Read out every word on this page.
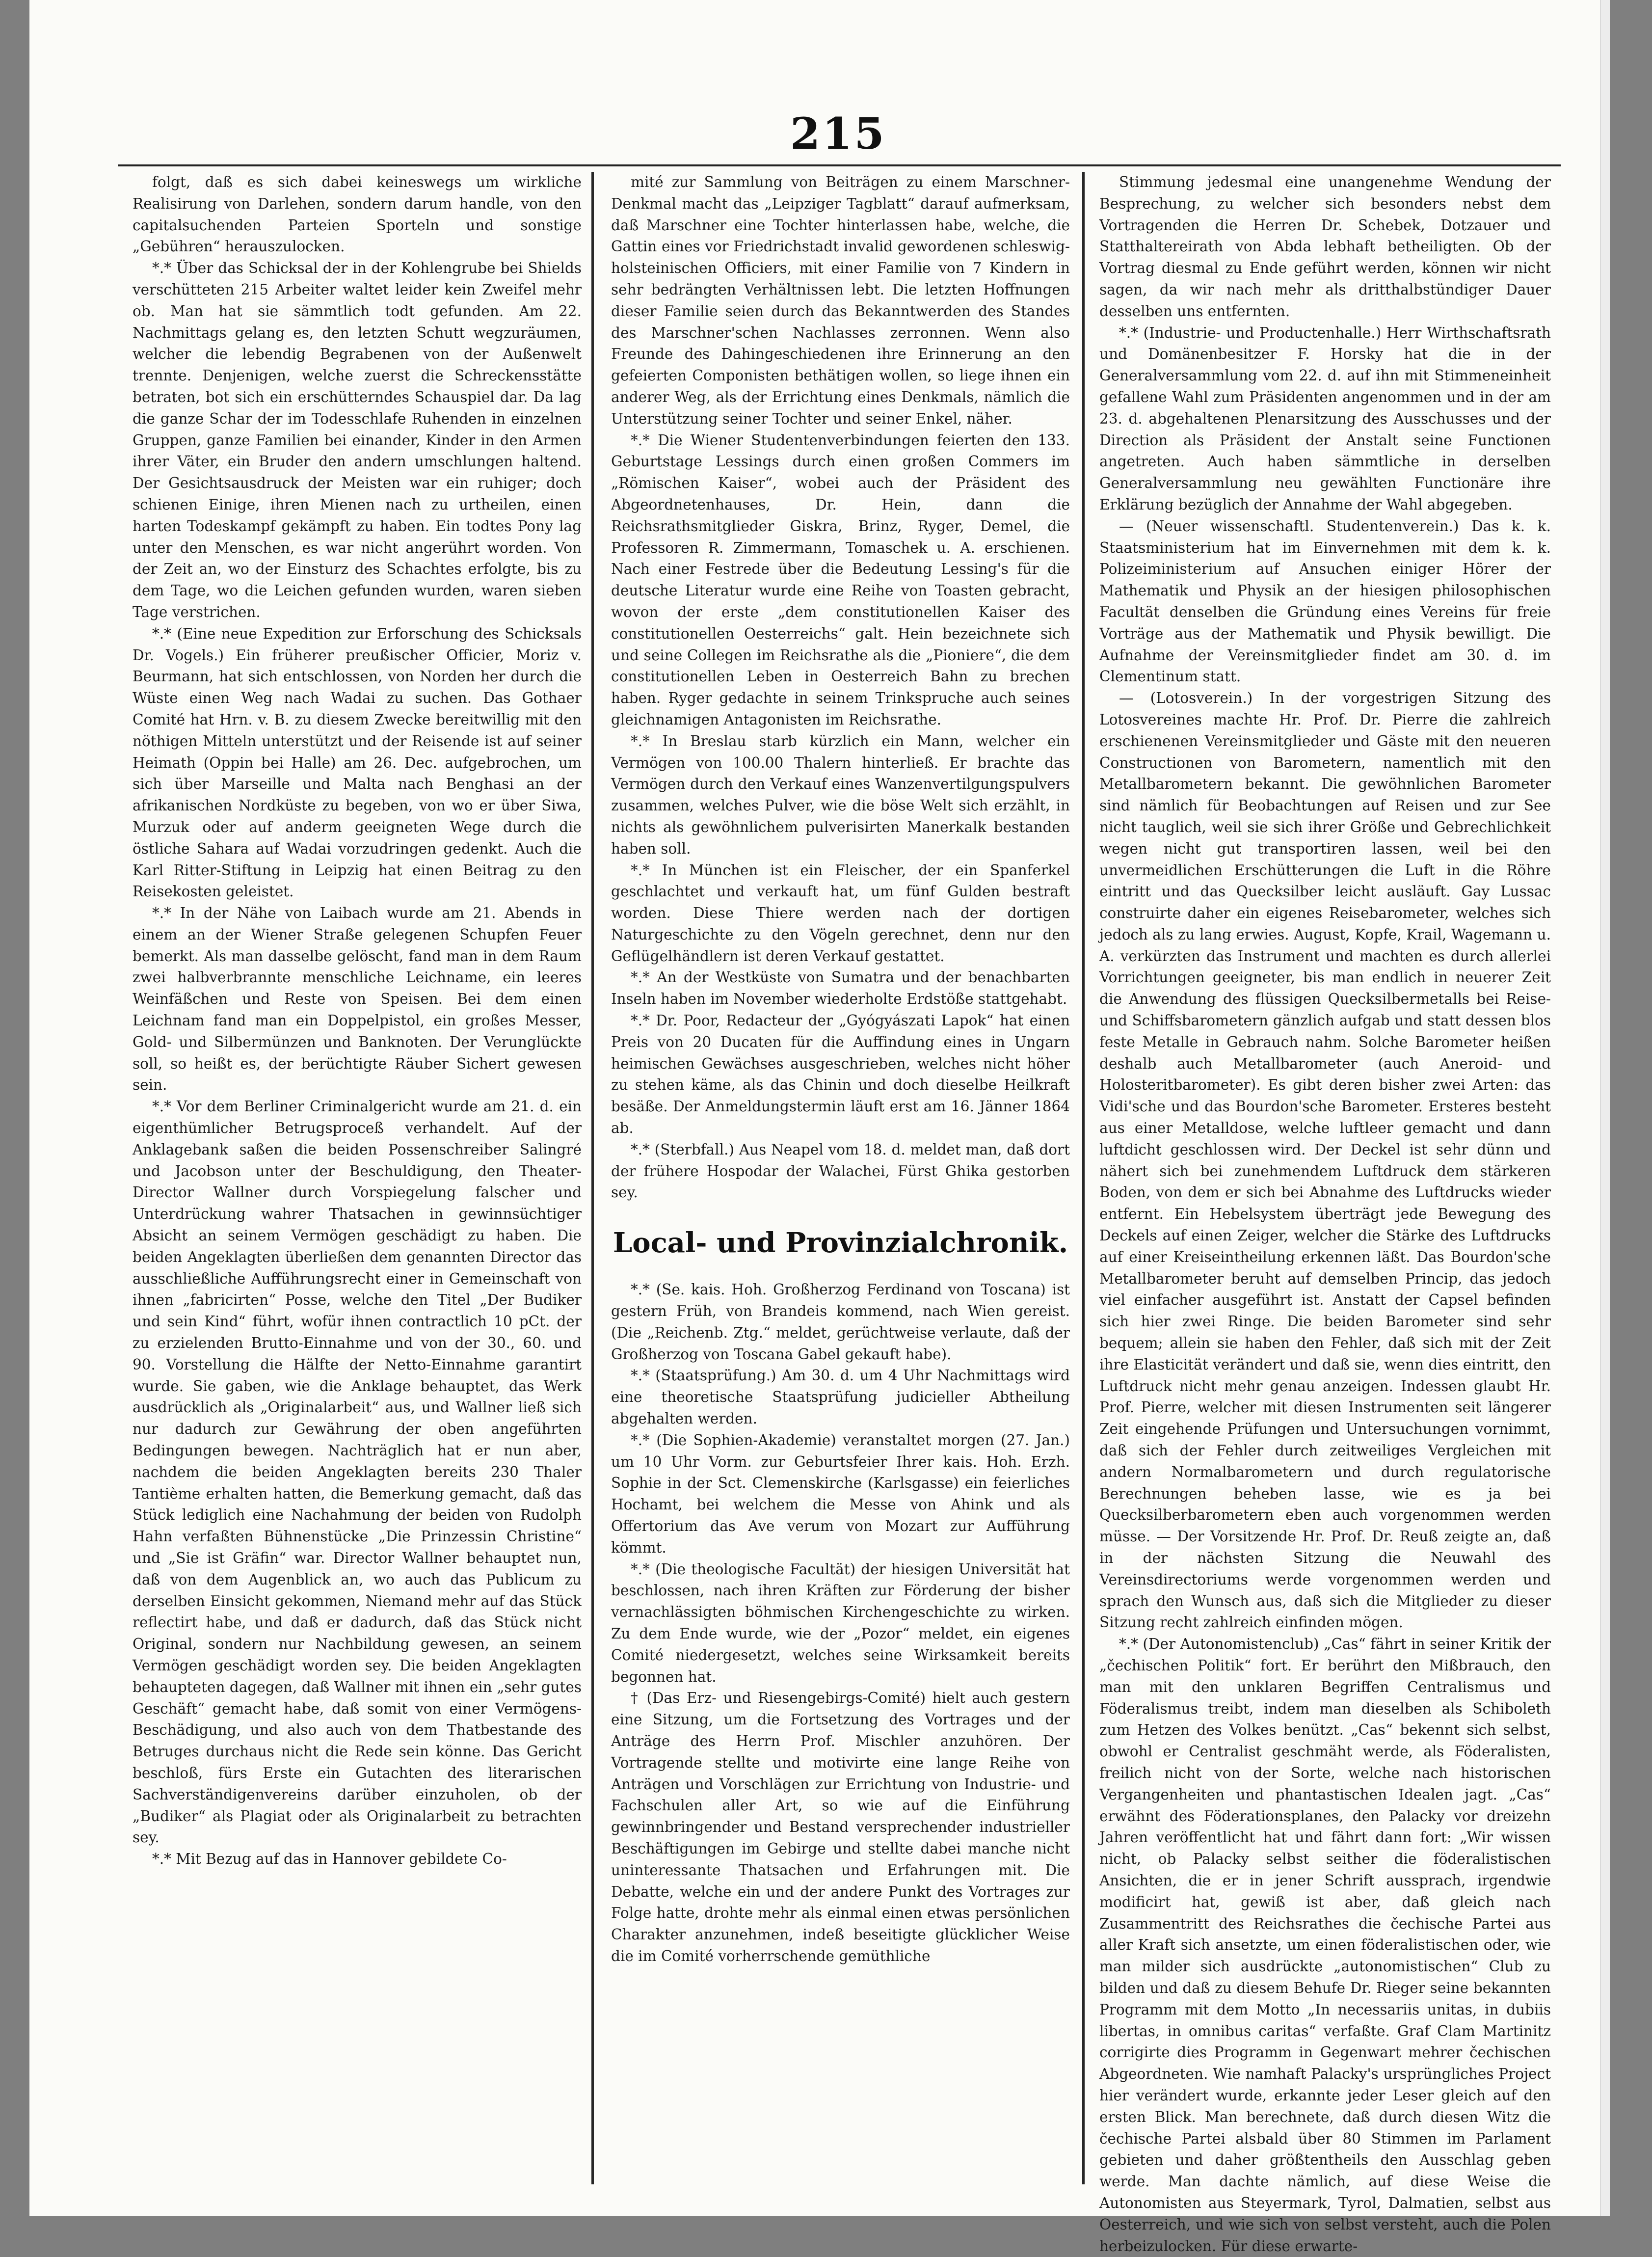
215

folgt, daß es sich dabei keineswegs um wirkliche Realisirung von Darlehen, sondern darum handle, von den capitalsuchenden Parteien Sporteln und sonstige „Gebühren“ herauszulocken.

*.* Über das Schicksal der in der Kohlengrube bei Shields verschütteten 215 Arbeiter waltet leider kein Zweifel mehr ob. Man hat sie sämmtlich todt gefunden. Am 22. Nachmittags gelang es, den letzten Schutt wegzuräumen, welcher die lebendig Begrabenen von der Außenwelt trennte. Denjenigen, welche zuerst die Schreckensstätte betraten, bot sich ein erschütterndes Schauspiel dar. Da lag die ganze Schar der im Todesschlafe Ruhenden in einzelnen Gruppen, ganze Familien bei einander, Kinder in den Armen ihrer Väter, ein Bruder den andern umschlungen haltend. Der Gesichtsausdruck der Meisten war ein ruhiger; doch schienen Einige, ihren Mienen nach zu urtheilen, einen harten Todeskampf gekämpft zu haben. Ein todtes Pony lag unter den Menschen, es war nicht angerührt worden. Von der Zeit an, wo der Einsturz des Schachtes erfolgte, bis zu dem Tage, wo die Leichen gefunden wurden, waren sieben Tage verstrichen.

*.* (Eine neue Expedition zur Erforschung des Schicksals Dr. Vogels.) Ein früherer preußischer Officier, Moriz v. Beurmann, hat sich entschlossen, von Norden her durch die Wüste einen Weg nach Wadai zu suchen. Das Gothaer Comité hat Hrn. v. B. zu diesem Zwecke bereitwillig mit den nöthigen Mitteln unterstützt und der Reisende ist auf seiner Heimath (Oppin bei Halle) am 26. Dec. aufgebrochen, um sich über Marseille und Malta nach Benghasi an der afrikanischen Nordküste zu begeben, von wo er über Siwa, Murzuk oder auf anderm geeigneten Wege durch die östliche Sahara auf Wadai vorzudringen gedenkt. Auch die Karl Ritter-Stiftung in Leipzig hat einen Beitrag zu den Reisekosten geleistet.

*.* In der Nähe von Laibach wurde am 21. Abends in einem an der Wiener Straße gelegenen Schupfen Feuer bemerkt. Als man dasselbe gelöscht, fand man in dem Raum zwei halbverbrannte menschliche Leichname, ein leeres Weinfäßchen und Reste von Speisen. Bei dem einen Leichnam fand man ein Doppelpistol, ein großes Messer, Gold- und Silbermünzen und Banknoten. Der Verunglückte soll, so heißt es, der berüchtigte Räuber Sichert gewesen sein.

*.* Vor dem Berliner Criminalgericht wurde am 21. d. ein eigenthümlicher Betrugsproceß verhandelt. Auf der Anklagebank saßen die beiden Possenschreiber Salingré und Jacobson unter der Beschuldigung, den Theater-Director Wallner durch Vorspiegelung falscher und Unterdrückung wahrer Thatsachen in gewinnsüchtiger Absicht an seinem Vermögen geschädigt zu haben. Die beiden Angeklagten überließen dem genannten Director das ausschließliche Aufführungsrecht einer in Gemeinschaft von ihnen „fabricirten“ Posse, welche den Titel „Der Budiker und sein Kind“ führt, wofür ihnen contractlich 10 pCt. der zu erzielenden Brutto-Einnahme und von der 30., 60. und 90. Vorstellung die Hälfte der Netto-Einnahme garantirt wurde. Sie gaben, wie die Anklage behauptet, das Werk ausdrücklich als „Originalarbeit“ aus, und Wallner ließ sich nur dadurch zur Gewährung der oben angeführten Bedingungen bewegen. Nachträglich hat er nun aber, nachdem die beiden Angeklagten bereits 230 Thaler Tantième erhalten hatten, die Bemerkung gemacht, daß das Stück lediglich eine Nachahmung der beiden von Rudolph Hahn verfaßten Bühnenstücke „Die Prinzessin Christine“ und „Sie ist Gräfin“ war. Director Wallner behauptet nun, daß von dem Augenblick an, wo auch das Publicum zu derselben Einsicht gekommen, Niemand mehr auf das Stück reflectirt habe, und daß er dadurch, daß das Stück nicht Original, sondern nur Nachbildung gewesen, an seinem Vermögen geschädigt worden sey. Die beiden Angeklagten behaupteten dagegen, daß Wallner mit ihnen ein „sehr gutes Geschäft“ gemacht habe, daß somit von einer Vermögens-Beschädigung, und also auch von dem Thatbestande des Betruges durchaus nicht die Rede sein könne. Das Gericht beschloß, fürs Erste ein Gutachten des literarischen Sachverständigenvereins darüber einzuholen, ob der „Budiker“ als Plagiat oder als Originalarbeit zu betrachten sey.

*.* Mit Bezug auf das in Hannover gebildete Co-

mité zur Sammlung von Beiträgen zu einem Marschner-Denkmal macht das „Leipziger Tagblatt“ darauf aufmerksam, daß Marschner eine Tochter hinterlassen habe, welche, die Gattin eines vor Friedrichstadt invalid gewordenen schleswig-holsteinischen Officiers, mit einer Familie von 7 Kindern in sehr bedrängten Verhältnissen lebt. Die letzten Hoffnungen dieser Familie seien durch das Bekanntwerden des Standes des Marschner'schen Nachlasses zerronnen. Wenn also Freunde des Dahingeschiedenen ihre Erinnerung an den gefeierten Componisten bethätigen wollen, so liege ihnen ein anderer Weg, als der Errichtung eines Denkmals, nämlich die Unterstützung seiner Tochter und seiner Enkel, näher.

*.* Die Wiener Studentenverbindungen feierten den 133. Geburtstage Lessings durch einen großen Commers im „Römischen Kaiser“, wobei auch der Präsident des Abgeordnetenhauses, Dr. Hein, dann die Reichsrathsmitglieder Giskra, Brinz, Ryger, Demel, die Professoren R. Zimmermann, Tomaschek u. A. erschienen. Nach einer Festrede über die Bedeutung Lessing's für die deutsche Literatur wurde eine Reihe von Toasten gebracht, wovon der erste „dem constitutionellen Kaiser des constitutionellen Oesterreichs“ galt. Hein bezeichnete sich und seine Collegen im Reichsrathe als die „Pioniere“, die dem constitutionellen Leben in Oesterreich Bahn zu brechen haben. Ryger gedachte in seinem Trinkspruche auch seines gleichnamigen Antagonisten im Reichsrathe.

*.* In Breslau starb kürzlich ein Mann, welcher ein Vermögen von 100.00 Thalern hinterließ. Er brachte das Vermögen durch den Verkauf eines Wanzenvertilgungspulvers zusammen, welches Pulver, wie die böse Welt sich erzählt, in nichts als gewöhnlichem pulverisirten Manerkalk bestanden haben soll.

*.* In München ist ein Fleischer, der ein Spanferkel geschlachtet und verkauft hat, um fünf Gulden bestraft worden. Diese Thiere werden nach der dortigen Naturgeschichte zu den Vögeln gerechnet, denn nur den Geflügelhändlern ist deren Verkauf gestattet.

*.* An der Westküste von Sumatra und der benachbarten Inseln haben im November wiederholte Erdstöße stattgehabt.

*.* Dr. Poor, Redacteur der „Gyógyászati Lapok“ hat einen Preis von 20 Ducaten für die Auffindung eines in Ungarn heimischen Gewächses ausgeschrieben, welches nicht höher zu stehen käme, als das Chinin und doch dieselbe Heilkraft besäße. Der Anmeldungstermin läuft erst am 16. Jänner 1864 ab.

*.* (Sterbfall.) Aus Neapel vom 18. d. meldet man, daß dort der frühere Hospodar der Walachei, Fürst Ghika gestorben sey.

Local- und Provinzialchronik.

*.* (Se. kais. Hoh. Großherzog Ferdinand von Toscana) ist gestern Früh, von Brandeis kommend, nach Wien gereist. (Die „Reichenb. Ztg.“ meldet, gerüchtweise verlaute, daß der Großherzog von Toscana Gabel gekauft habe).

*.* (Staatsprüfung.) Am 30. d. um 4 Uhr Nachmittags wird eine theoretische Staatsprüfung judicieller Abtheilung abgehalten werden.

*.* (Die Sophien-Akademie) veranstaltet morgen (27. Jan.) um 10 Uhr Vorm. zur Geburtsfeier Ihrer kais. Hoh. Erzh. Sophie in der Sct. Clemenskirche (Karlsgasse) ein feierliches Hochamt, bei welchem die Messe von Ahink und als Offertorium das Ave verum von Mozart zur Aufführung kömmt.

*.* (Die theologische Facultät) der hiesigen Universität hat beschlossen, nach ihren Kräften zur Förderung der bisher vernachlässigten böhmischen Kirchengeschichte zu wirken. Zu dem Ende wurde, wie der „Pozor“ meldet, ein eigenes Comité niedergesetzt, welches seine Wirksamkeit bereits begonnen hat.

† (Das Erz- und Riesengebirgs-Comité) hielt auch gestern eine Sitzung, um die Fortsetzung des Vortrages und der Anträge des Herrn Prof. Mischler anzuhören. Der Vortragende stellte und motivirte eine lange Reihe von Anträgen und Vorschlägen zur Errichtung von Industrie- und Fachschulen aller Art, so wie auf die Einführung gewinnbringender und Bestand versprechender industrieller Beschäftigungen im Gebirge und stellte dabei manche nicht uninteressante Thatsachen und Erfahrungen mit. Die Debatte, welche ein und der andere Punkt des Vortrages zur Folge hatte, drohte mehr als einmal einen etwas persönlichen Charakter anzunehmen, indeß beseitigte glücklicher Weise die im Comité vorherrschende gemüthliche

Stimmung jedesmal eine unangenehme Wendung der Besprechung, zu welcher sich besonders nebst dem Vortragenden die Herren Dr. Schebek, Dotzauer und Statthaltereirath von Abda lebhaft betheiligten. Ob der Vortrag diesmal zu Ende geführt werden, können wir nicht sagen, da wir nach mehr als dritthalbstündiger Dauer desselben uns entfernten.

*.* (Industrie- und Productenhalle.) Herr Wirthschaftsrath und Domänenbesitzer F. Horsky hat die in der Generalversammlung vom 22. d. auf ihn mit Stimmeneinheit gefallene Wahl zum Präsidenten angenommen und in der am 23. d. abgehaltenen Plenarsitzung des Ausschusses und der Direction als Präsident der Anstalt seine Functionen angetreten. Auch haben sämmtliche in derselben Generalversammlung neu gewählten Functionäre ihre Erklärung bezüglich der Annahme der Wahl abgegeben.

— (Neuer wissenschaftl. Studentenverein.) Das k. k. Staatsministerium hat im Einvernehmen mit dem k. k. Polizeiministerium auf Ansuchen einiger Hörer der Mathematik und Physik an der hiesigen philosophischen Facultät denselben die Gründung eines Vereins für freie Vorträge aus der Mathematik und Physik bewilligt. Die Aufnahme der Vereinsmitglieder findet am 30. d. im Clementinum statt.

— (Lotosverein.) In der vorgestrigen Sitzung des Lotosvereines machte Hr. Prof. Dr. Pierre die zahlreich erschienenen Vereinsmitglieder und Gäste mit den neueren Constructionen von Barometern, namentlich mit den Metallbarometern bekannt. Die gewöhnlichen Barometer sind nämlich für Beobachtungen auf Reisen und zur See nicht tauglich, weil sie sich ihrer Größe und Gebrechlichkeit wegen nicht gut transportiren lassen, weil bei den unvermeidlichen Erschütterungen die Luft in die Röhre eintritt und das Quecksilber leicht ausläuft. Gay Lussac construirte daher ein eigenes Reisebarometer, welches sich jedoch als zu lang erwies. August, Kopfe, Krail, Wagemann u. A. verkürzten das Instrument und machten es durch allerlei Vorrichtungen geeigneter, bis man endlich in neuerer Zeit die Anwendung des flüssigen Quecksilbermetalls bei Reise- und Schiffsbarometern gänzlich aufgab und statt dessen blos feste Metalle in Gebrauch nahm. Solche Barometer heißen deshalb auch Metallbarometer (auch Aneroid- und Holosteritbarometer). Es gibt deren bisher zwei Arten: das Vidi'sche und das Bourdon'sche Barometer. Ersteres besteht aus einer Metalldose, welche luftleer gemacht und dann luftdicht geschlossen wird. Der Deckel ist sehr dünn und nähert sich bei zunehmendem Luftdruck dem stärkeren Boden, von dem er sich bei Abnahme des Luftdrucks wieder entfernt. Ein Hebelsystem überträgt jede Bewegung des Deckels auf einen Zeiger, welcher die Stärke des Luftdrucks auf einer Kreiseintheilung erkennen läßt. Das Bourdon'sche Metallbarometer beruht auf demselben Princip, das jedoch viel einfacher ausgeführt ist. Anstatt der Capsel befinden sich hier zwei Ringe. Die beiden Barometer sind sehr bequem; allein sie haben den Fehler, daß sich mit der Zeit ihre Elasticität verändert und daß sie, wenn dies eintritt, den Luftdruck nicht mehr genau anzeigen. Indessen glaubt Hr. Prof. Pierre, welcher mit diesen Instrumenten seit längerer Zeit eingehende Prüfungen und Untersuchungen vornimmt, daß sich der Fehler durch zeitweiliges Vergleichen mit andern Normalbarometern und durch regulatorische Berechnungen beheben lasse, wie es ja bei Quecksilberbarometern eben auch vorgenommen werden müsse. — Der Vorsitzende Hr. Prof. Dr. Reuß zeigte an, daß in der nächsten Sitzung die Neuwahl des Vereinsdirectoriums werde vorgenommen werden und sprach den Wunsch aus, daß sich die Mitglieder zu dieser Sitzung recht zahlreich einfinden mögen.

*.* (Der Autonomistenclub) „Cas“ fährt in seiner Kritik der „čechischen Politik“ fort. Er berührt den Mißbrauch, den man mit den unklaren Begriffen Centralismus und Föderalismus treibt, indem man dieselben als Schiboleth zum Hetzen des Volkes benützt. „Cas“ bekennt sich selbst, obwohl er Centralist geschmäht werde, als Föderalisten, freilich nicht von der Sorte, welche nach historischen Vergangenheiten und phantastischen Idealen jagt. „Cas“ erwähnt des Föderationsplanes, den Palacky vor dreizehn Jahren veröffentlicht hat und fährt dann fort: „Wir wissen nicht, ob Palacky selbst seither die föderalistischen Ansichten, die er in jener Schrift aussprach, irgendwie modificirt hat, gewiß ist aber, daß gleich nach Zusammentritt des Reichsrathes die čechische Partei aus aller Kraft sich ansetzte, um einen föderalistischen oder, wie man milder sich ausdrückte „autonomistischen“ Club zu bilden und daß zu diesem Behufe Dr. Rieger seine bekannten Programm mit dem Motto „In necessariis unitas, in dubiis libertas, in omnibus caritas“ verfaßte. Graf Clam Martinitz corrigirte dies Programm in Gegenwart mehrer čechischen Abgeordneten. Wie namhaft Palacky's ursprüngliches Project hier verändert wurde, erkannte jeder Leser gleich auf den ersten Blick. Man berechnete, daß durch diesen Witz die čechische Partei alsbald über 80 Stimmen im Parlament gebieten und daher größtentheils den Ausschlag geben werde. Man dachte nämlich, auf diese Weise die Autonomisten aus Steyermark, Tyrol, Dalmatien, selbst aus Oesterreich, und wie sich von selbst versteht, auch die Polen herbeizulocken. Für diese erwarte-
